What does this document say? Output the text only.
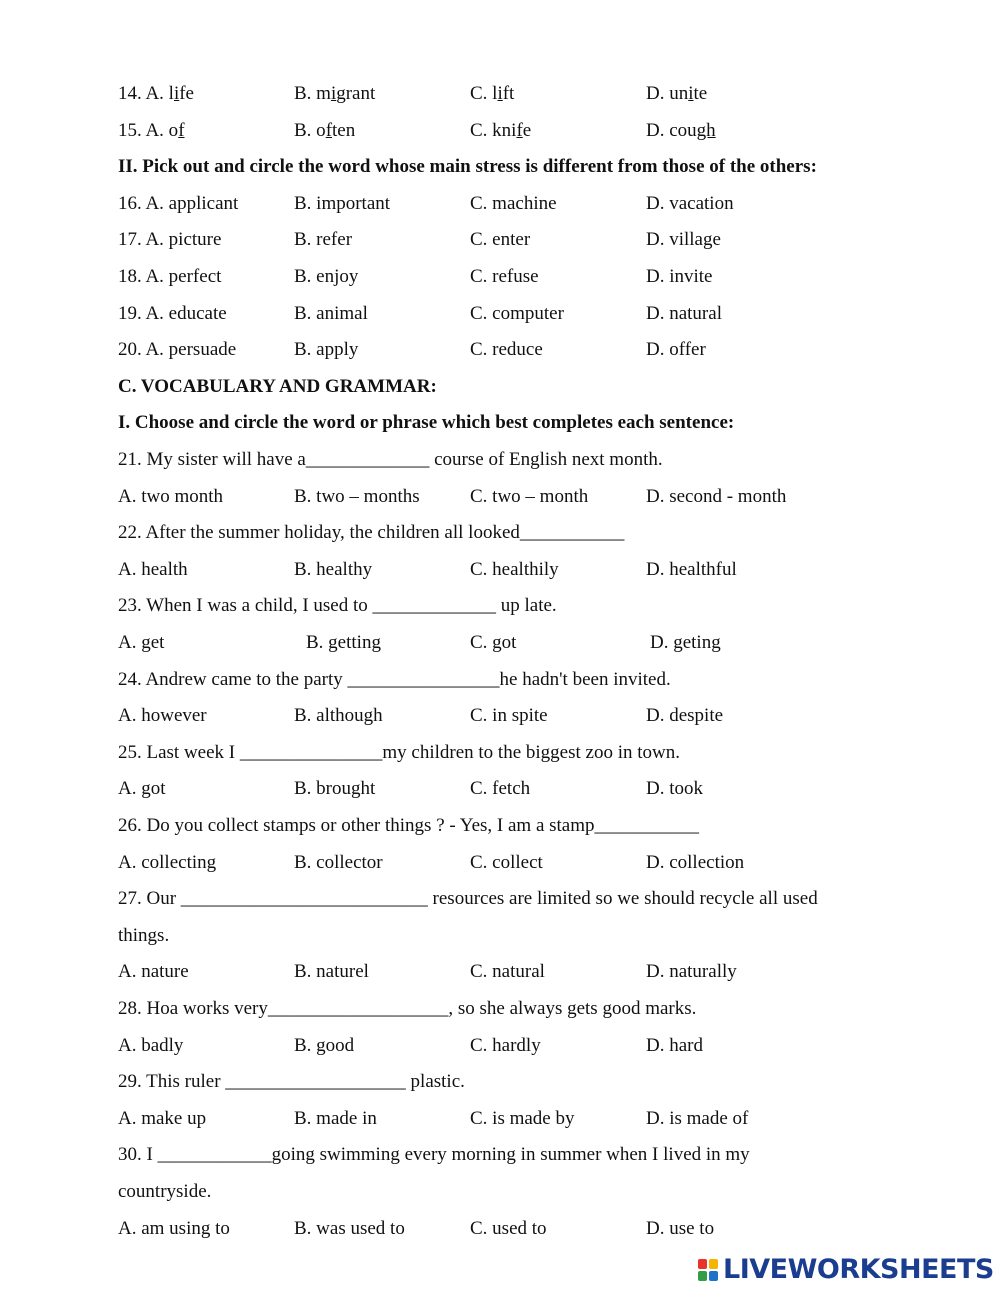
14. A. life	B. migrant	C. lift	D. unite
15. A. of	B. often	C. knife	D. cough
II. Pick out and circle the word whose main stress is different from those of the others:
16. A. applicant	B. important	C. machine	D. vacation
17. A. picture	B. refer	C. enter	D. village
18. A. perfect	B. enjoy	C. refuse	D. invite
19. A. educate	B. animal	C. computer	D. natural
20. A. persuade	B. apply	C. reduce	D. offer
C. VOCABULARY AND GRAMMAR:
I. Choose and circle the word or phrase which best completes each sentence:
21. My sister will have a_____________ course of English next month.
A. two month	B. two – months	C. two – month	D. second - month
22. After the summer holiday, the children all looked___________
A. health	B. healthy	C. healthily	D. healthful
23. When I was a child, I used to _____________ up late.
A. get	B. getting	C. got	D. geting
24. Andrew came to the party ________________he hadn't been invited.
A. however	B. although	C. in spite	D. despite
25. Last week I _______________my children to the biggest zoo in town.
A. got	B. brought	C. fetch	D. took
26. Do you collect stamps or other things ? - Yes, I am a stamp___________
A. collecting	B. collector	C. collect	D. collection
27. Our __________________________ resources are limited so we should recycle all used
things.
A. nature	B. naturel	C. natural	D. naturally
28. Hoa works very___________________, so she always gets good marks.
A. badly	B. good	C. hardly	D. hard
29. This ruler ___________________ plastic.
A. make up	B. made in	C. is made by	D. is made of
30. I ____________going swimming every morning in summer when I lived in my
countryside.
A. am using to	B. was used to	C. used to	D. use to
LIVEWORKSHEETS
